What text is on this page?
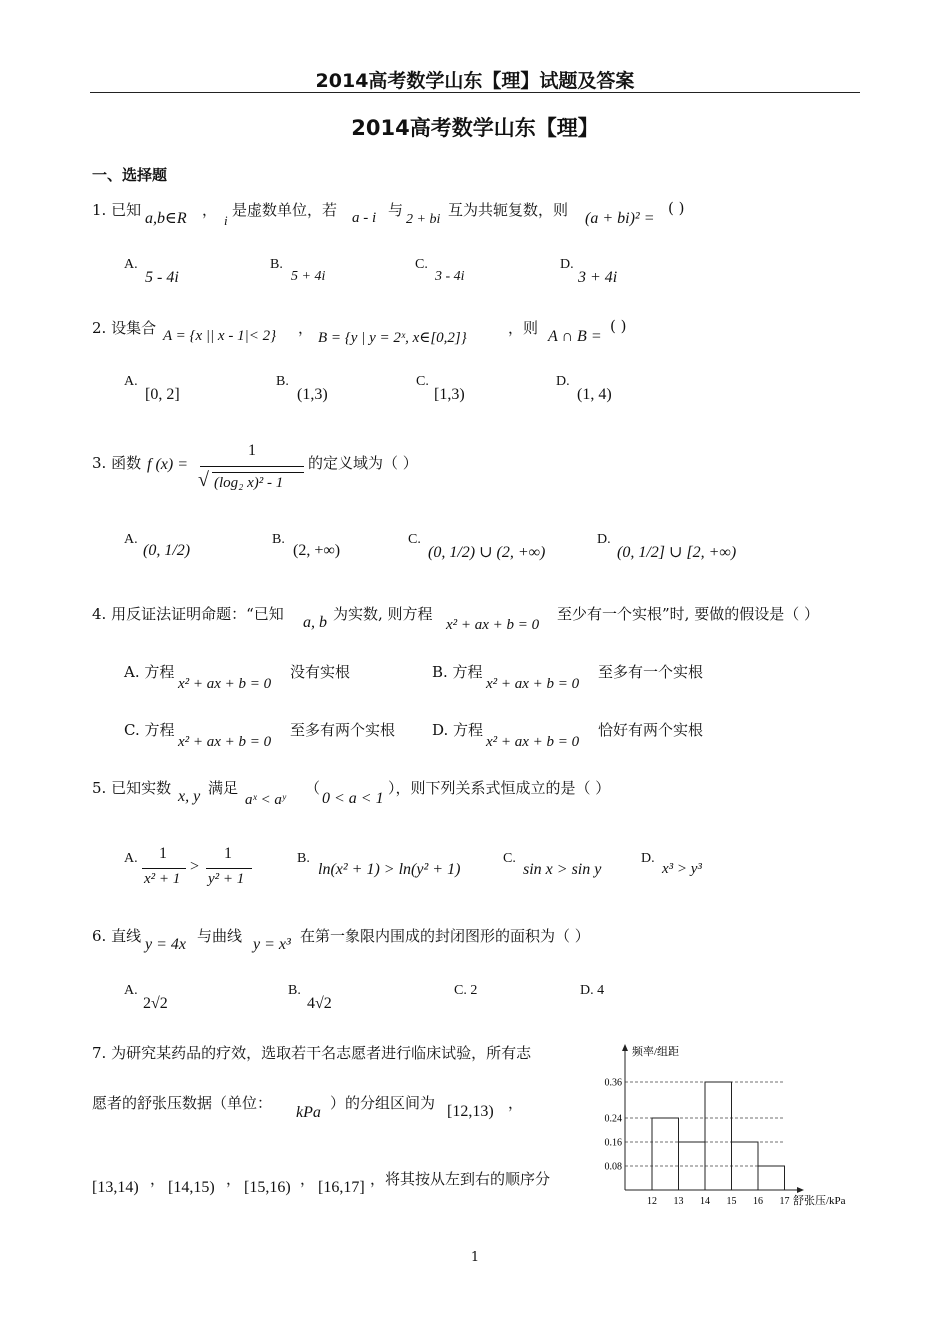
2014高考数学山东【理】试题及答案
2014高考数学山东【理】
一、选择题
1. 已知 a,b∈R ，
i
是虚数单位，若 a - i 与
2 + bi
互为共轭复数，则 (a + bi)² =
( )
A.
5 - 4i
B.
5 + 4i
C.
3 - 4i
D.
3 + 4i
2. 设集合 A = {x || x - 1|< 2} ，
B = {y | y = 2ˣ, x∈[0,2]}
，则 A ∩ B =
( )
A.
[0, 2]
B.
(1,3)
C.
[1,3)
D.
(1, 4)
3. 函数 f (x) =
1
√ (log₂ x)² - 1
的定义域为（ ）
A.
(0, 1/2)
B.
(2, +∞)
C.
(0, 1/2) ∪ (2, +∞)
D.
(0, 1/2] ∪ [2, +∞)
4. 用反证法证明命题：“已知 a, b 为实数, 则方程
x² + ax + b = 0
至少有一个实根”时, 要做的假设是（ ）
A. 方程
x² + ax + b = 0
没有实根	B. 方程
x² + ax + b = 0
至多有一个实根
C. 方程
x² + ax + b = 0
至多有两个实根 D. 方程
x² + ax + b = 0
恰好有两个实根
5. 已知实数 x, y 满足
aˣ < aʸ
（
0 < a < 1
），则下列关系式恒成立的是（ ）
A. 1
x² + 1
>
1
y² + 1
B.
ln(x² + 1) > ln(y² + 1)
C.
sin x > sin y
D.
x³ > y³
6. 直线 y = 4x 与曲线 y = x³ 在第一象限内围成的封闭图形的面积为（ ）
A.
2√2
B.
4√2
C. 2	D. 4
7. 为研究某药品的疗效，选取若干名志愿者进行临床试验，所有志
愿者的舒张压数据（单位：
kPa
）的分组区间为 [12,13) ，
[13,14) ， [14,15) ， [15,16) ， [16,17] ，将其按从左到右的顺序分
频率/组距
0.08
0.16
0.24
0.36
12 13 14 15 16 17 舒张压/kPa
1
